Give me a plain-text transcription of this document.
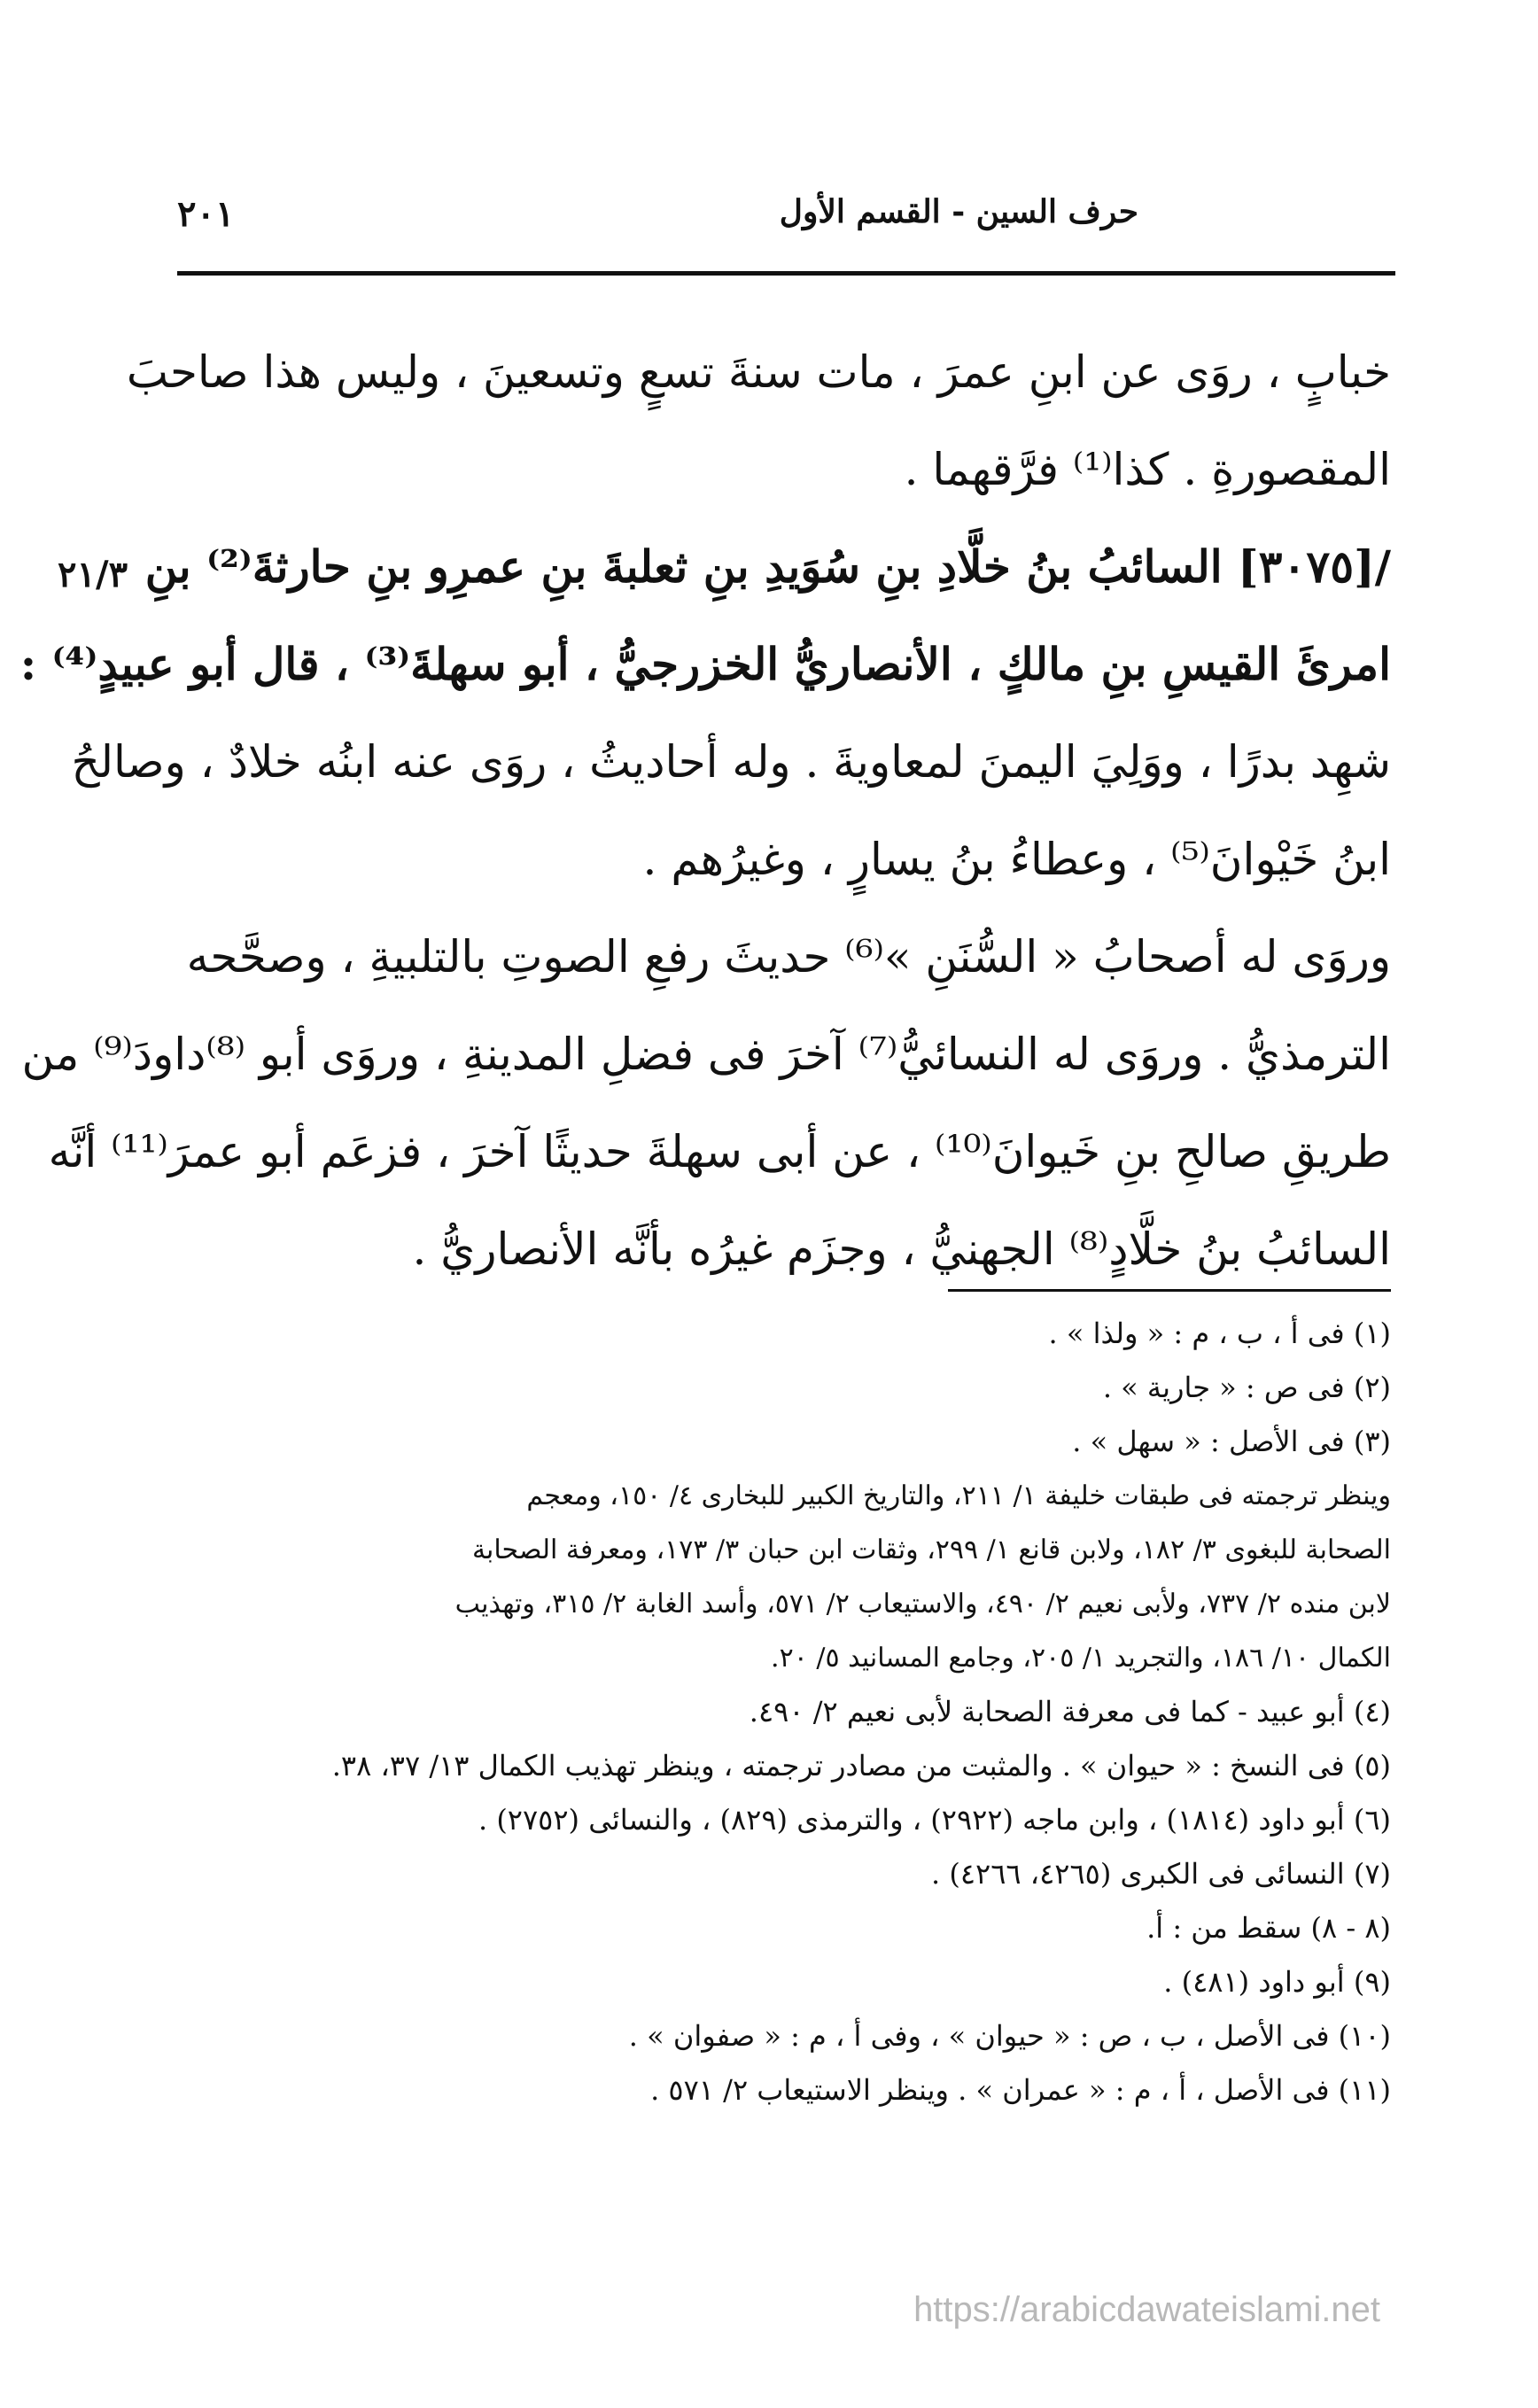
حرف السين - القسم الأول
٢٠١
٢١/٣
خبابٍ ، روَى عن ابنِ عمرَ ، مات سنةَ تسعٍ وتسعينَ ، وليس هذا صاحبَ
المقصورةِ . كذا⁽¹⁾ فرَّقهما .
/[٣٠٧٥] السائبُ بنُ خلَّادِ بنِ سُوَيدِ بنِ ثعلبةَ بنِ عمرِو بنِ حارثةَ⁽²⁾ بنِ
امرئَ القيسِ بنِ مالكٍ ، الأنصاريُّ الخزرجيُّ ، أبو سهلةَ⁽³⁾ ، قال أبو عبيدٍ⁽⁴⁾ :
شهِد بدرًا ، ووَلِيَ اليمنَ لمعاويةَ . وله أحاديثُ ، روَى عنه ابنُه خلادٌ ، وصالحُ
ابنُ خَيْوانَ⁽⁵⁾ ، وعطاءُ بنُ يسارٍ ، وغيرُهم .
وروَى له أصحابُ « السُّنَنِ »⁽⁶⁾ حديثَ رفعِ الصوتِ بالتلبيةِ ، وصحَّحه
الترمذيُّ . وروَى له النسائيُّ⁽⁷⁾ آخرَ فى فضلِ المدينةِ ، وروَى أبو ⁽⁸⁾داودَ⁽⁹⁾ من
طريقِ صالحِ بنِ خَيوانَ⁽¹⁰⁾ ، عن أبى سهلةَ حديثًا آخرَ ، فزعَم أبو عمرَ⁽¹¹⁾ أنَّه
السائبُ بنُ خلَّادٍ⁽⁸⁾ الجهنيُّ ، وجزَم غيرُه بأنَّه الأنصاريُّ .
(١) فى أ ، ب ، م : « ولذا » .
(٢) فى ص : « جارية » .
(٣) فى الأصل : « سهل » .
وينظر ترجمته فى طبقات خليفة ١/ ٢١١، والتاريخ الكبير للبخارى ٤/ ١٥٠، ومعجم
الصحابة للبغوى ٣/ ١٨٢، ولابن قانع ١/ ٢٩٩، وثقات ابن حبان ٣/ ١٧٣، ومعرفة الصحابة
لابن منده ٢/ ٧٣٧، ولأبى نعيم ٢/ ٤٩٠، والاستيعاب ٢/ ٥٧١، وأسد الغابة ٢/ ٣١٥، وتهذيب
الكمال ١٠/ ١٨٦، والتجريد ١/ ٢٠٥، وجامع المسانيد ٥/ ٢٠.
(٤) أبو عبيد - كما فى معرفة الصحابة لأبى نعيم ٢/ ٤٩٠.
(٥) فى النسخ : « حيوان » . والمثبت من مصادر ترجمته ، وينظر تهذيب الكمال ١٣/ ٣٧، ٣٨.
(٦) أبو داود (١٨١٤) ، وابن ماجه (٢٩٢٢) ، والترمذى (٨٢٩) ، والنسائى (٢٧٥٢) .
(٧) النسائى فى الكبرى (٤٢٦٥، ٤٢٦٦) .
(٨ - ٨) سقط من : أ.
(٩) أبو داود (٤٨١) .
(١٠) فى الأصل ، ب ، ص : « حيوان » ، وفى أ ، م : « صفوان » .
(١١) فى الأصل ، أ ، م : « عمران » . وينظر الاستيعاب ٢/ ٥٧١ .
https://arabicdawateislami.net
